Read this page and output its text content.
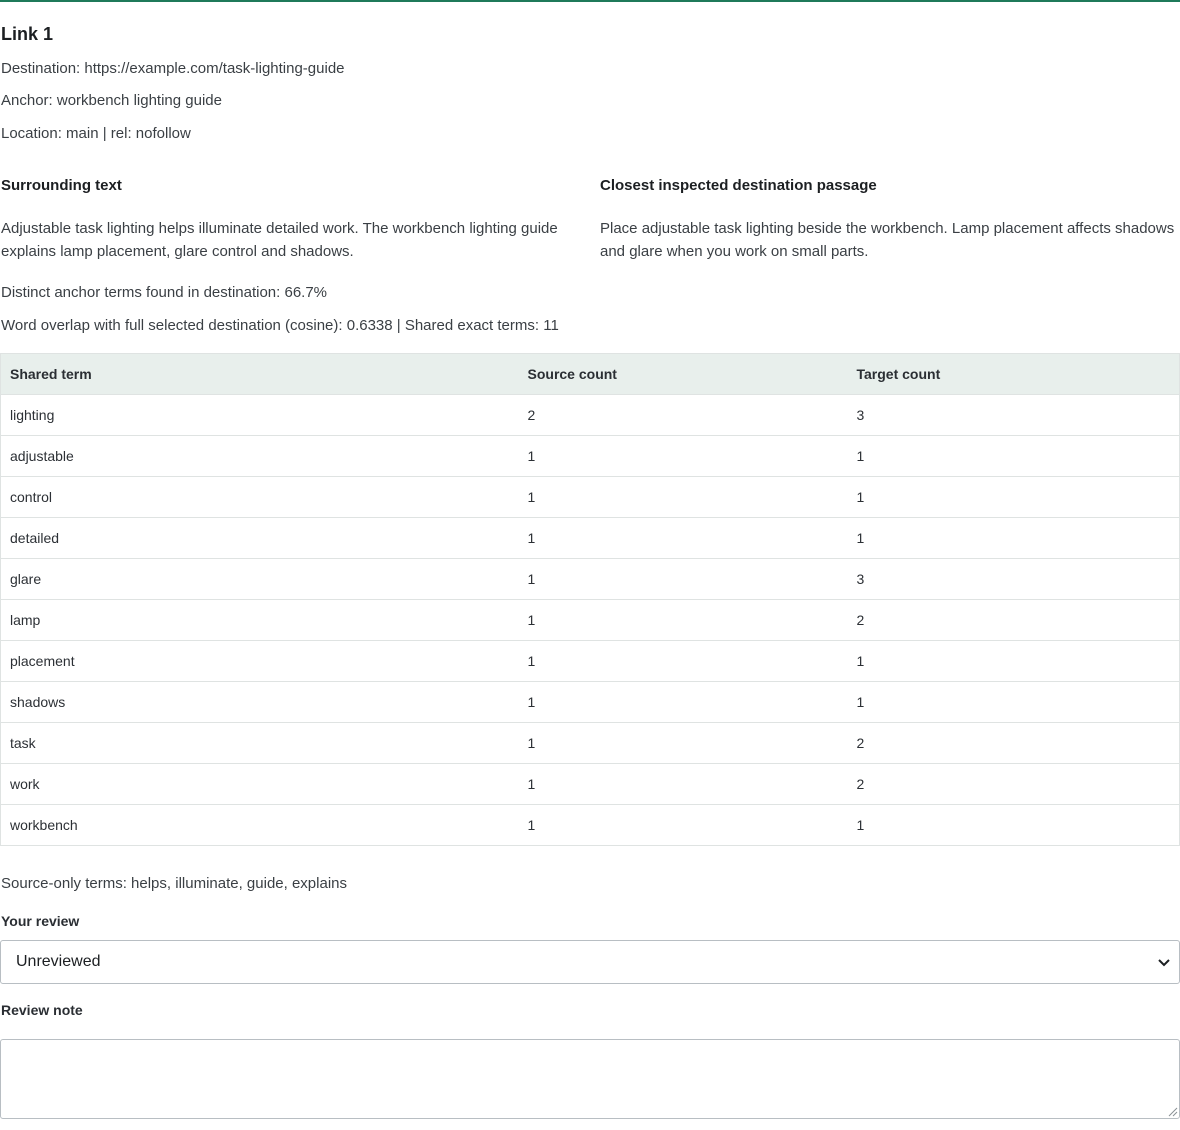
Link 1
Destination: https://example.com/task-lighting-guide
Anchor: workbench lighting guide
Location: main | rel: nofollow
Surrounding text
Adjustable task lighting helps illuminate detailed work. The workbench lighting guide explains lamp placement, glare control and shadows.
Closest inspected destination passage
Place adjustable task lighting beside the workbench. Lamp placement affects shadows and glare when you work on small parts.
Distinct anchor terms found in destination: 66.7%
Word overlap with full selected destination (cosine): 0.6338 | Shared exact terms: 11
Shared term	Source count	Target count
lighting	2	3
adjustable	1	1
control	1	1
detailed	1	1
glare	1	3
lamp	1	2
placement	1	1
shadows	1	1
task	1	2
work	1	2
workbench	1	1
Source-only terms: helps, illuminate, guide, explains
Your review
Unreviewed
Review note
